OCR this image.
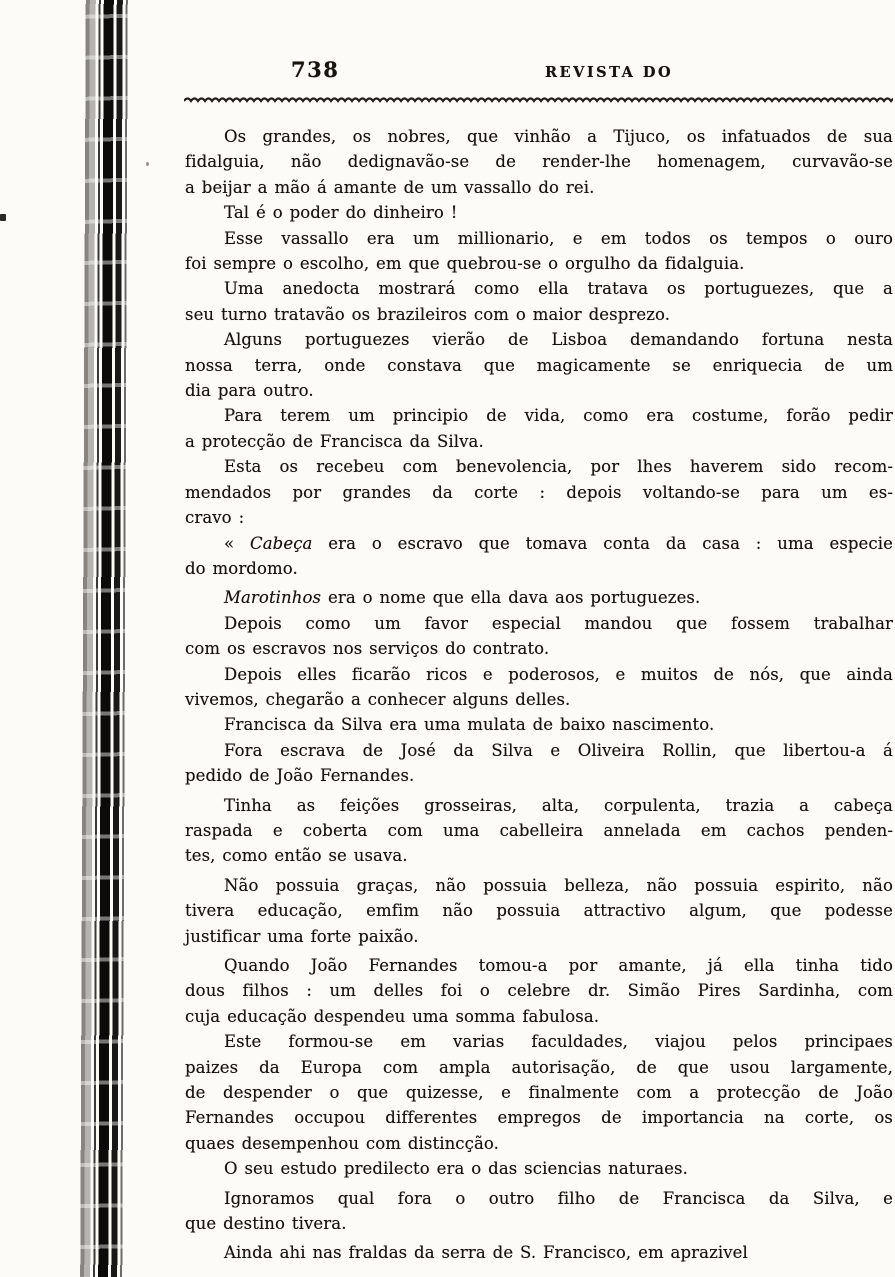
738	REVISTA DO
Os grandes, os nobres, que vinhão a Tijuco, os infatuados de sua
fidalguia, não dedignavão-se de render-lhe homenagem, curvavão-se
a beijar a mão á amante de um vassallo do rei.
Tal é o poder do dinheiro !
Esse vassallo era um millionario, e em todos os tempos o ouro
foi sempre o escolho, em que quebrou-se o orgulho da fidalguia.
Uma anedocta mostrará como ella tratava os portuguezes, que a
seu turno tratavão os brazileiros com o maior desprezo.
Alguns portuguezes vierão de Lisboa demandando fortuna nesta
nossa terra, onde constava que magicamente se enriquecia de um
dia para outro.
Para terem um principio de vida, como era costume, forão pedir
a protecção de Francisca da Silva.
Esta os recebeu com benevolencia, por lhes haverem sido recom-
mendados por grandes da corte : depois voltando-se para um es-
cravo :
« Cabeça era o escravo que tomava conta da casa : uma especie
do mordomo.
Marotinhos era o nome que ella dava aos portuguezes.
Depois como um favor especial mandou que fossem trabalhar
com os escravos nos serviços do contrato.
Depois elles ficarão ricos e poderosos, e muitos de nós, que ainda
vivemos, chegarão a conhecer alguns delles.
Francisca da Silva era uma mulata de baixo nascimento.
Fora escrava de José da Silva e Oliveira Rollin, que libertou-a á
pedido de João Fernandes.
Tinha as feições grosseiras, alta, corpulenta, trazia a cabeça
raspada e coberta com uma cabelleira annelada em cachos penden-
tes, como então se usava.
Não possuia graças, não possuia belleza, não possuia espirito, não
tivera educação, emfim não possuia attractivo algum, que podesse
justificar uma forte paixão.
Quando João Fernandes tomou-a por amante, já ella tinha tido
dous filhos : um delles foi o celebre dr. Simão Pires Sardinha, com
cuja educação despendeu uma somma fabulosa.
Este formou-se em varias faculdades, viajou pelos principaes
paizes da Europa com ampla autorisação, de que usou largamente,
de despender o que quizesse, e finalmente com a protecção de João
Fernandes occupou differentes empregos de importancia na corte, os
quaes desempenhou com distincção.
O seu estudo predilecto era o das sciencias naturaes.
Ignoramos qual fora o outro filho de Francisca da Silva, e
que destino tivera.
Ainda ahi nas fraldas da serra de S. Francisco, em aprazivel
